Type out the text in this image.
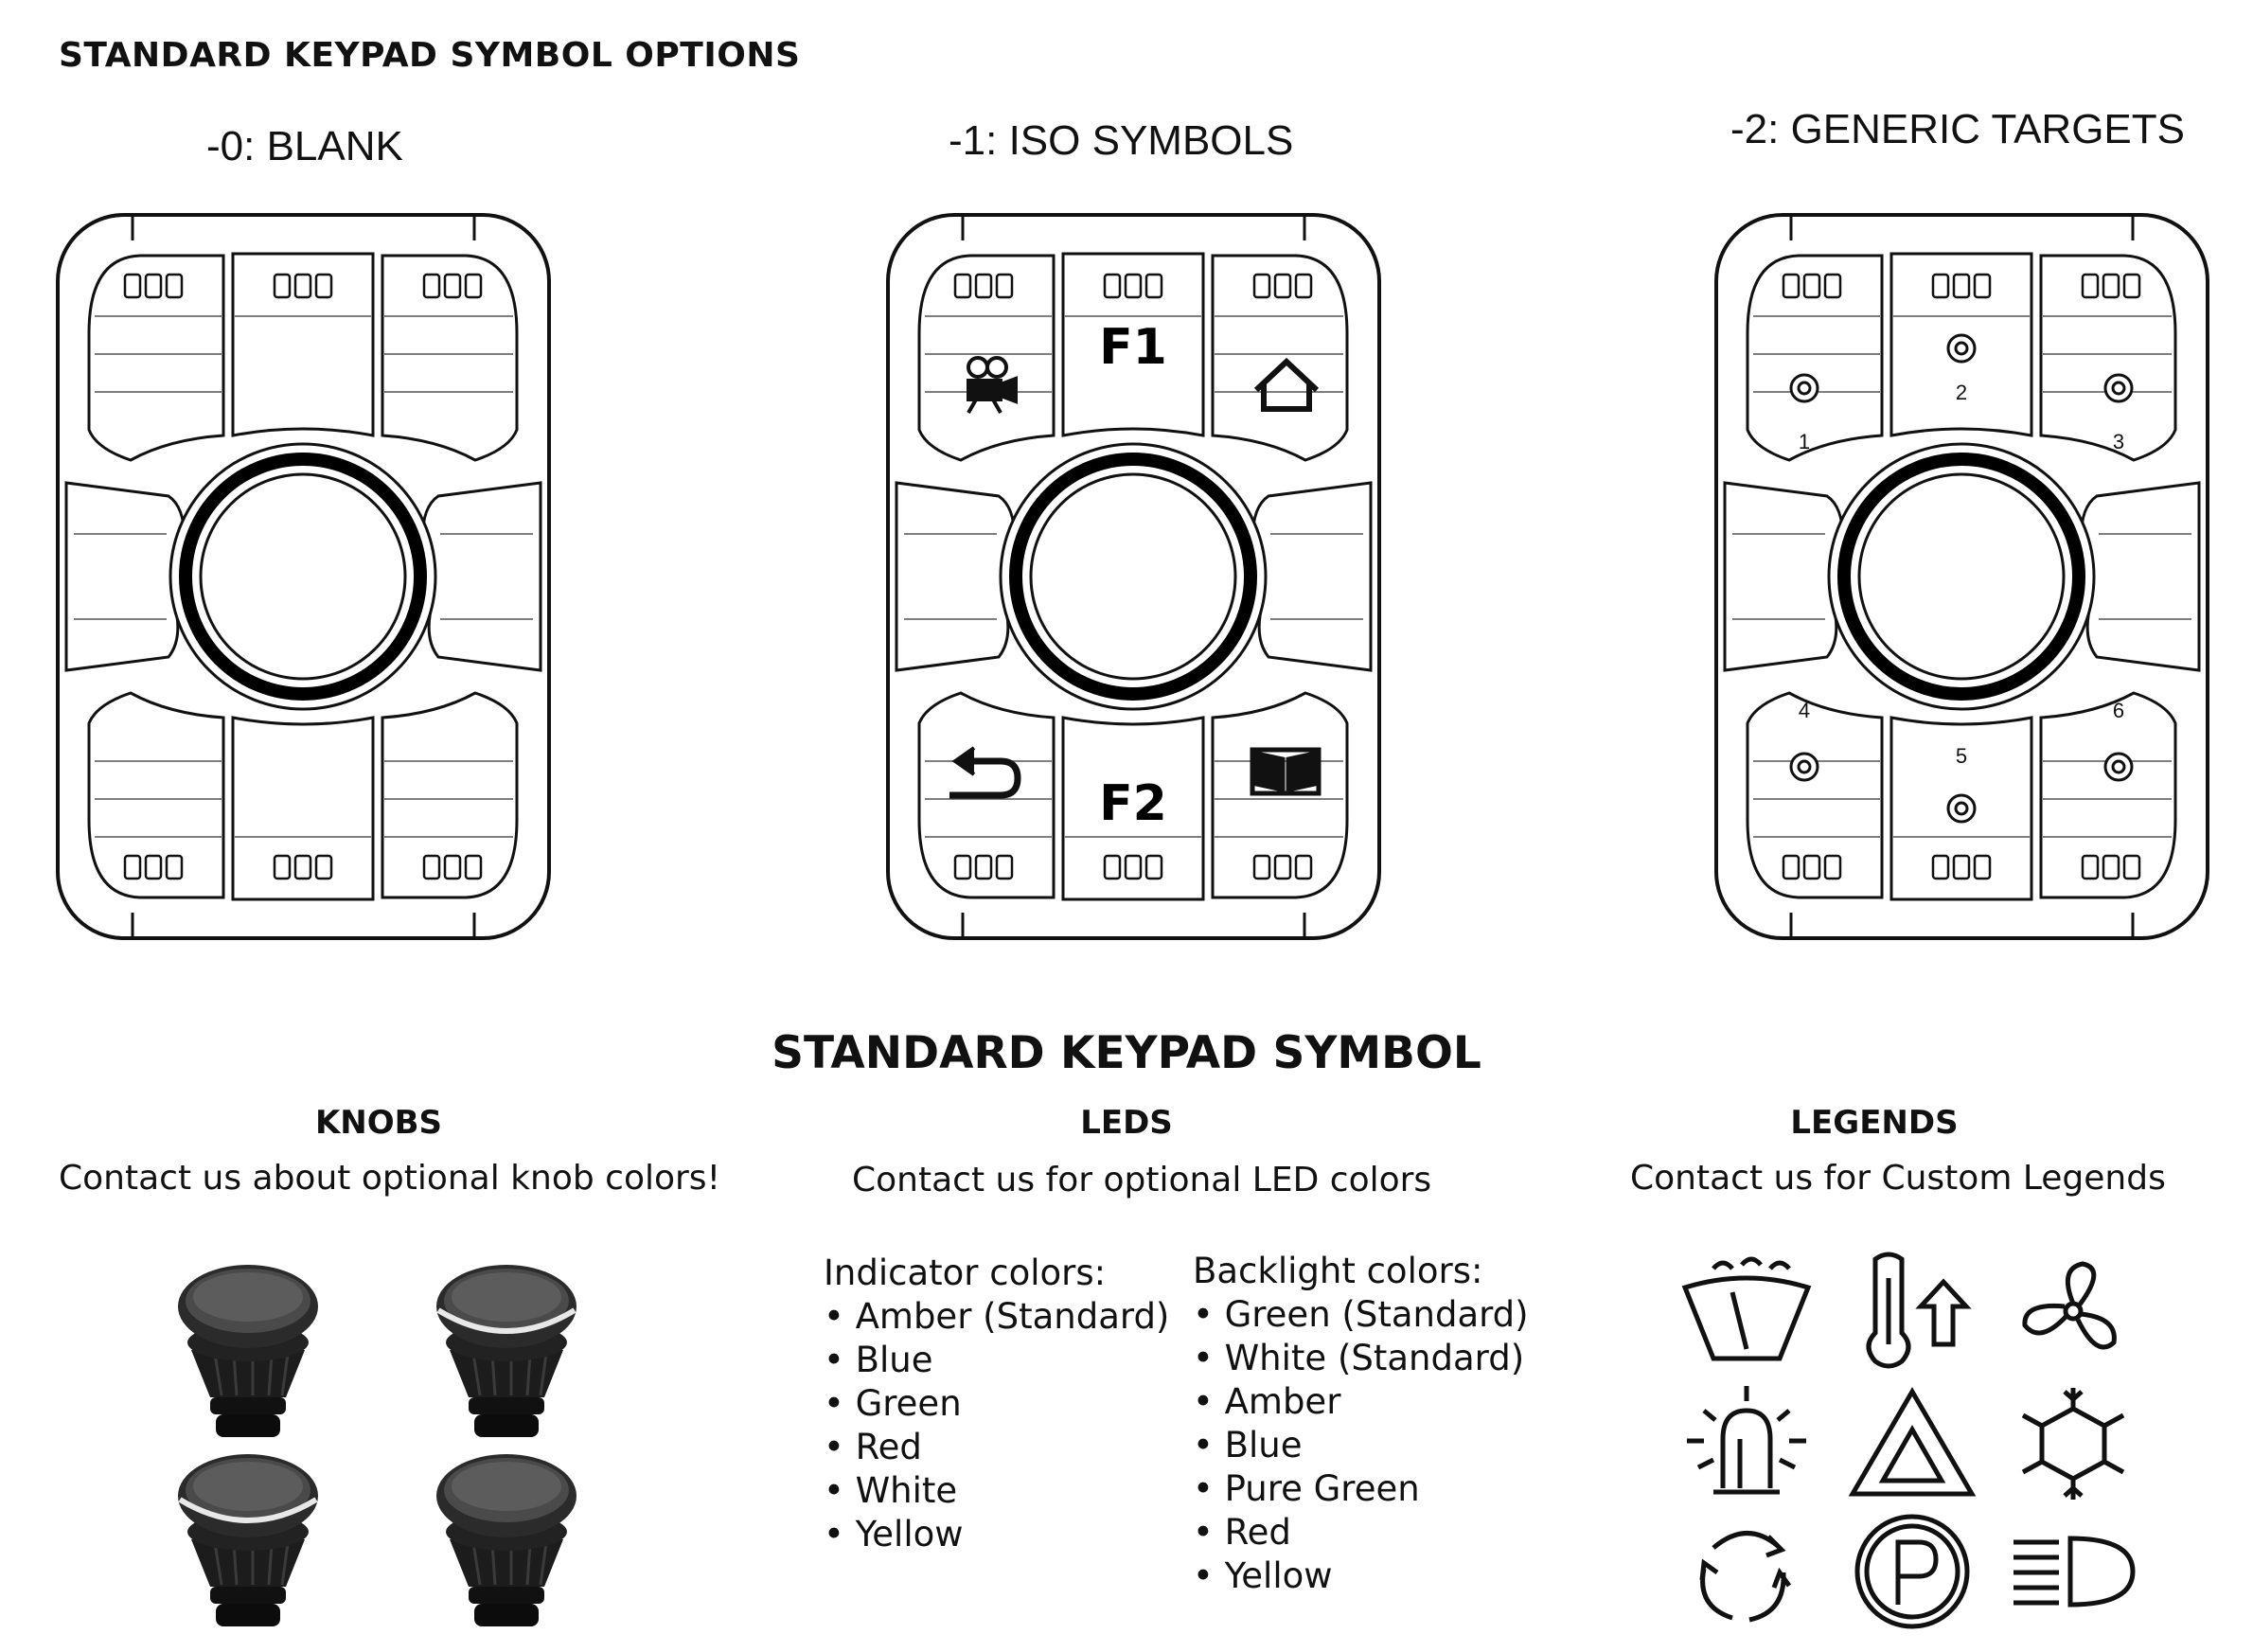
STANDARD KEYPAD SYMBOL OPTIONS
-0: BLANK	-1: ISO SYMBOLS	-2: GENERIC TARGETS
F1
F2
1
2
3
4
5
6
STANDARD KEYPAD SYMBOL
KNOBS
Contact us about optional knob colors!
LEDS
Contact us for optional LED colors
Indicator colors:
• Amber (Standard)
• Blue
• Green
• Red
• White
• Yellow
Backlight colors:
• Green (Standard)
• White (Standard)
• Amber
• Blue
• Pure Green
• Red
• Yellow
LEGENDS
Contact us for Custom Legends
